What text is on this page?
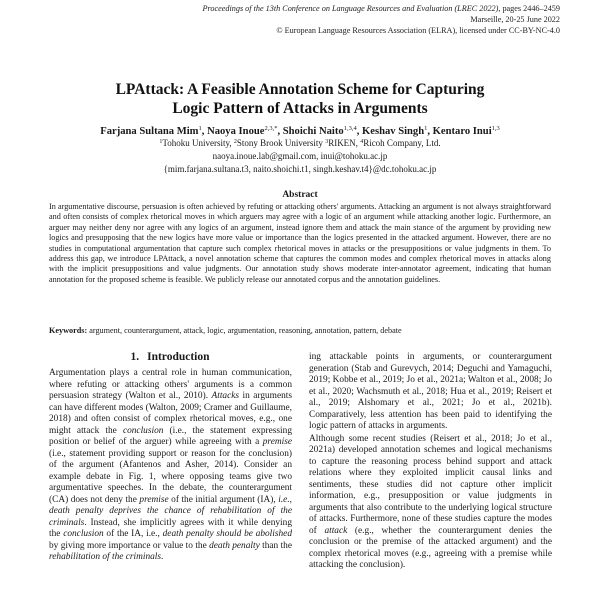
Proceedings of the 13th Conference on Language Resources and Evaluation (LREC 2022), pages 2446–2459
Marseille, 20-25 June 2022
© European Language Resources Association (ELRA), licensed under CC-BY-NC-4.0
LPAttack: A Feasible Annotation Scheme for Capturing
Logic Pattern of Attacks in Arguments
Farjana Sultana Mim$^1$, Naoya Inoue$^{2,3,*}$, Shoichi Naito$^{1,3,4}$, Keshav Singh$^1$, Kentaro Inui$^{1,3}$
$^1$Tohoku University, $^2$Stony Brook University $^3$RIKEN, $^4$Ricoh Company, Ltd.
naoya.inoue.lab@gmail.com, inui@tohoku.ac.jp
{mim.farjana.sultana.t3, naito.shoichi.t1, singh.keshav.t4}@dc.tohoku.ac.jp
Abstract
In argumentative discourse, persuasion is often achieved by refuting or attacking others' arguments. Attacking an argument is not always straightforward and often consists of complex rhetorical moves in which arguers may agree with a logic of an argument while attacking another logic. Furthermore, an arguer may neither deny nor agree with any logics of an argument, instead ignore them and attack the main stance of the argument by providing new logics and presupposing that the new logics have more value or importance than the logics presented in the attacked argument. However, there are no studies in computational argumentation that capture such complex rhetorical moves in attacks or the presuppositions or value judgments in them. To address this gap, we introduce LPAttack, a novel annotation scheme that captures the common modes and complex rhetorical moves in attacks along with the implicit presuppositions and value judgments. Our annotation study shows moderate inter-annotator agreement, indicating that human annotation for the proposed scheme is feasible. We publicly release our annotated corpus and the annotation guidelines.
Keywords: argument, counterargument, attack, logic, argumentation, reasoning, annotation, pattern, debate
1. Introduction

Argumentation plays a central role in human communication, where refuting or attacking others' arguments is a common persuasion strategy (Walton et al., 2010). Attacks in arguments can have different modes (Walton, 2009; Cramer and Guillaume, 2018) and often consist of complex rhetorical moves, e.g., one might attack the conclusion (i.e., the statement expressing position or belief of the arguer) while agreeing with a premise (i.e., statement providing support or reason for the conclusion) of the argument (Afantenos and Asher, 2014). Consider an example debate in Fig. 1, where opposing teams give two argumentative speeches. In the debate, the counterargument (CA) does not deny the premise of the initial argument (IA), i.e., death penalty deprives the chance of rehabilitation of the criminals. Instead, she implicitly agrees with it while denying the conclusion of the IA, i.e., death penalty should be abolished by giving more importance or value to the death penalty than the rehabilitation of the criminals.

ing attackable points in arguments, or counterargument generation (Stab and Gurevych, 2014; Deguchi and Yamaguchi, 2019; Kobbe et al., 2019; Jo et al., 2021a; Walton et al., 2008; Jo et al., 2020; Wachsmuth et al., 2018; Hua et al., 2019; Reisert et al., 2019; Alshomary et al., 2021; Jo et al., 2021b). Comparatively, less attention has been paid to identifying the logic pattern of attacks in arguments.

Although some recent studies (Reisert et al., 2018; Jo et al., 2021a) developed annotation schemes and logical mechanisms to capture the reasoning process behind support and attack relations where they exploited implicit causal links and sentiments, these studies did not capture other implicit information, e.g., presupposition or value judgments in arguments that also contribute to the underlying logical structure of attacks. Furthermore, none of these studies capture the modes of attack (e.g., whether the counterargument denies the conclusion or the premise of the attacked argument) and the complex rhetorical moves (e.g., agreeing with a premise while attacking the conclusion).
